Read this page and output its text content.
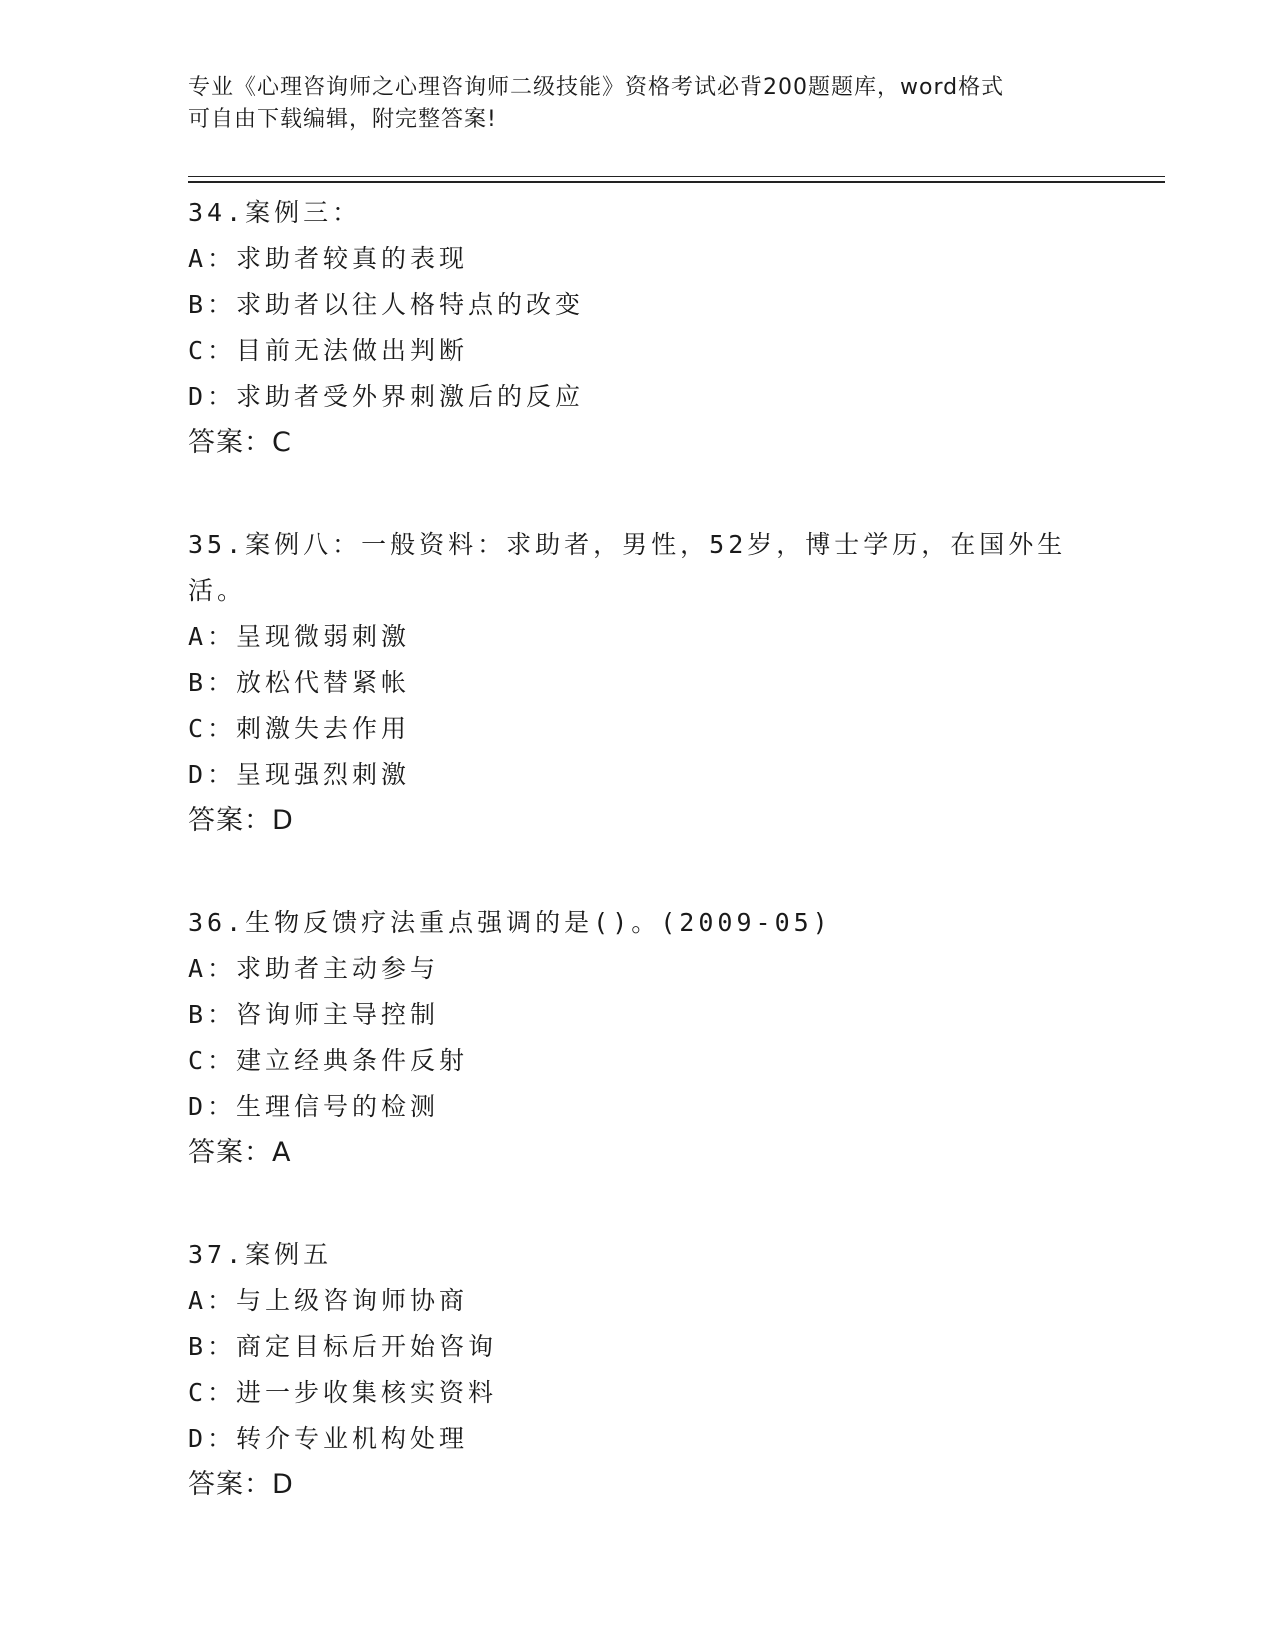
专业《心理咨询师之心理咨询师二级技能》资格考试必背200题题库，word格式
可自由下载编辑，附完整答案!
34.案例三：
A：求助者较真的表现
B：求助者以往人格特点的改变
C：目前无法做出判断
D：求助者受外界刺激后的反应
答案：C
35.案例八：一般资料：求助者，男性，52岁，博士学历，在国外生活。
A：呈现微弱刺激
B：放松代替紧帐
C：刺激失去作用
D：呈现强烈刺激
答案：D
36.生物反馈疗法重点强调的是()。(2009-05)
A：求助者主动参与
B：咨询师主导控制
C：建立经典条件反射
D：生理信号的检测
答案：A
37.案例五
A：与上级咨询师协商
B：商定目标后开始咨询
C：进一步收集核实资料
D：转介专业机构处理
答案：D
